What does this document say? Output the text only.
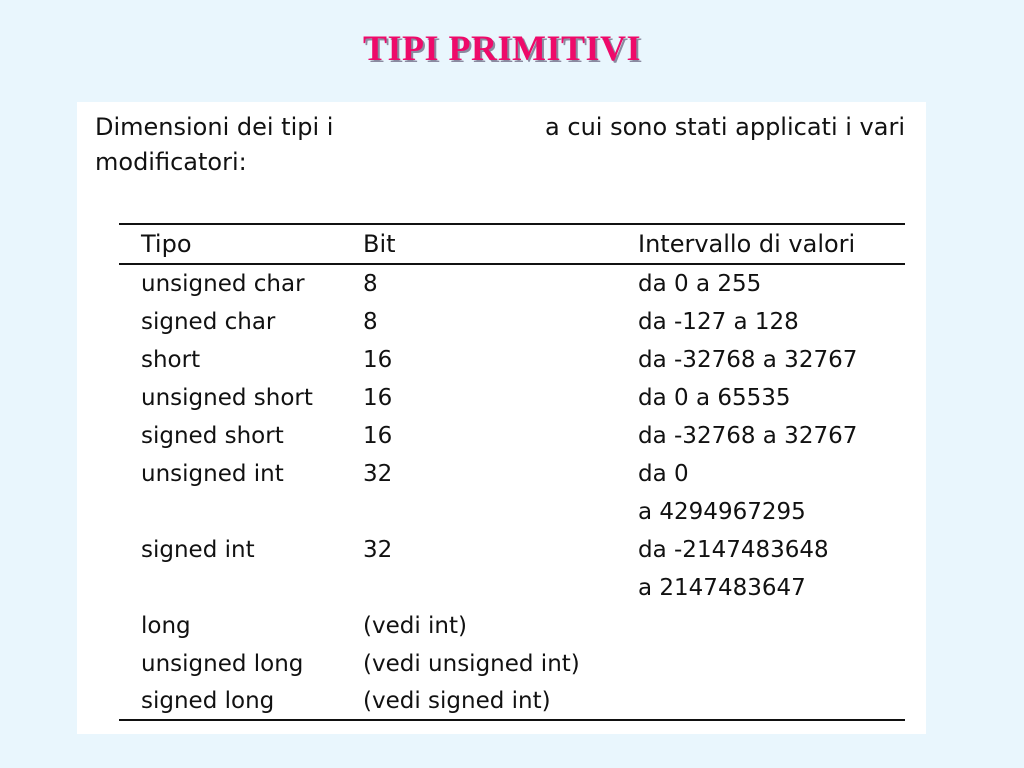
TIPI PRIMITIVI
Dimensioni dei tipi i	a cui sono stati applicati i vari
modificatori:
Tipo	Bit	Intervallo di valori
unsigned char	8	da 0 a 255
signed char	8	da -127 a 128
short	16	da -32768 a 32767
unsigned short	16	da 0 a 65535
signed short	16	da -32768 a 32767
unsigned int	32	da 0
		a 4294967295
signed int	32	da -2147483648
		a 2147483647
long	(vedi int)	
unsigned long	(vedi unsigned int)	
signed long	(vedi signed int)	
